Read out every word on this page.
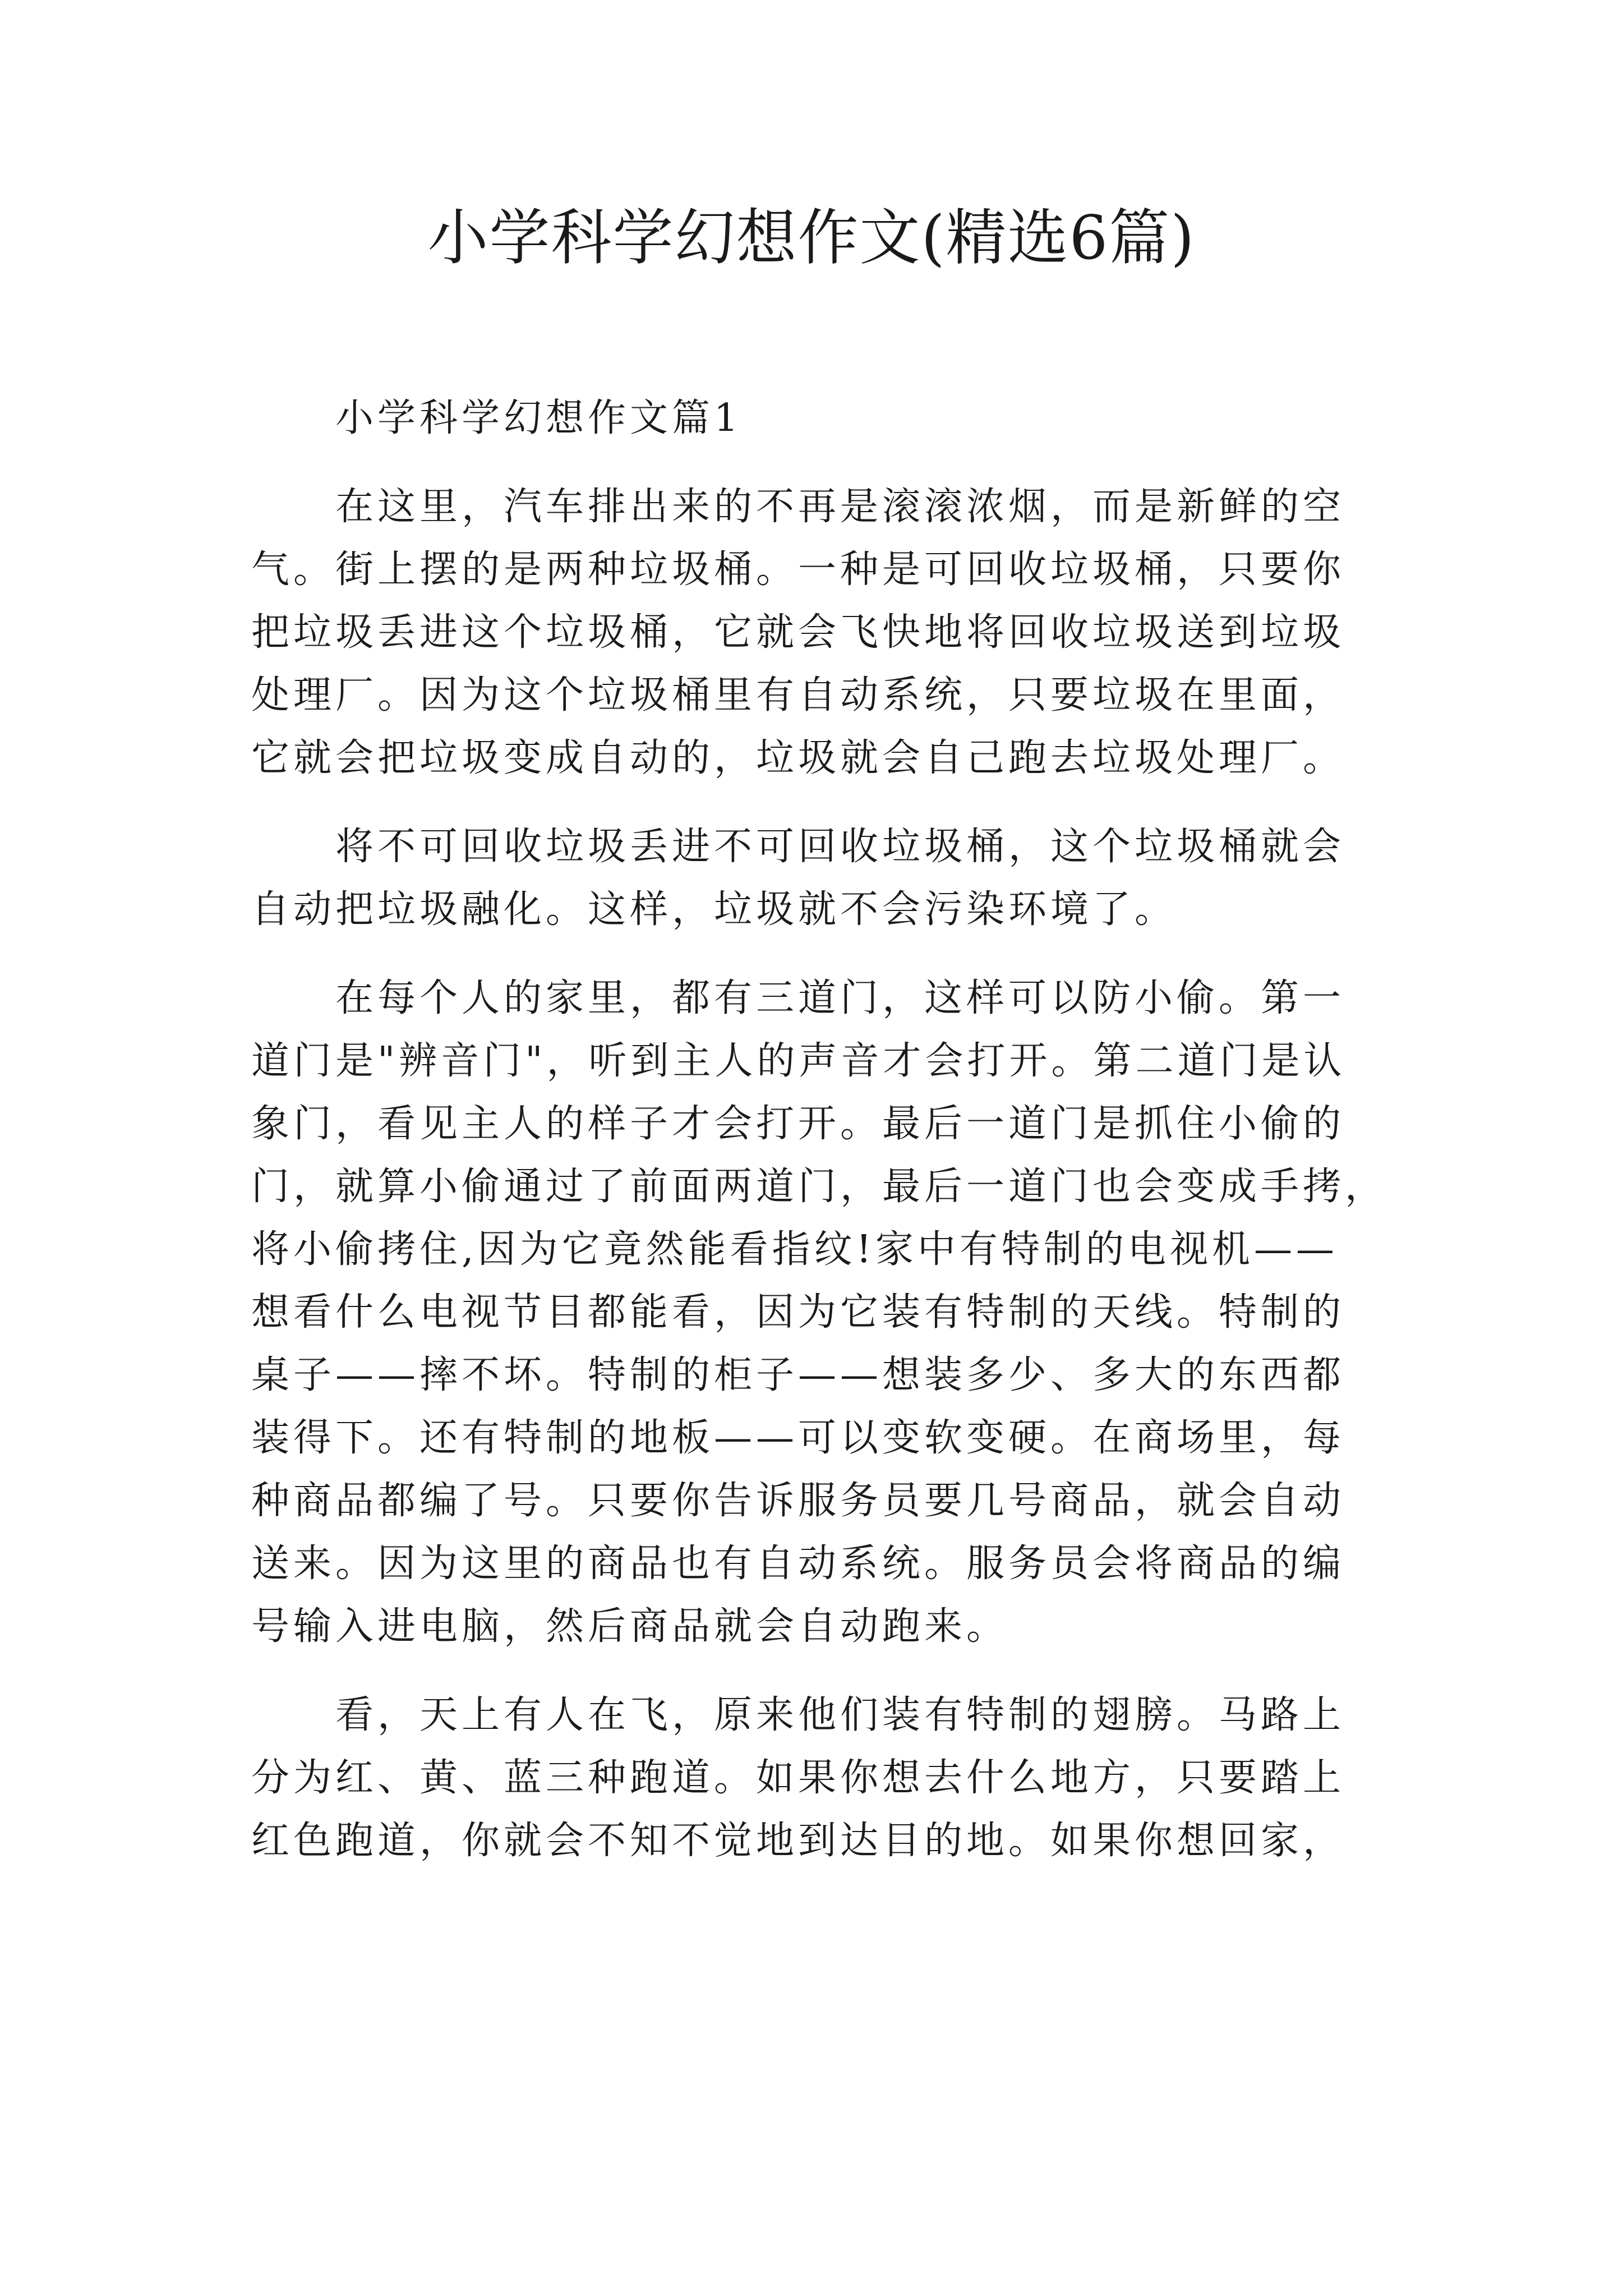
小学科学幻想作文(精选6篇)
小学科学幻想作文篇1
在这里，汽车排出来的不再是滚滚浓烟，而是新鲜的空
气。街上摆的是两种垃圾桶。一种是可回收垃圾桶，只要你
把垃圾丢进这个垃圾桶，它就会飞快地将回收垃圾送到垃圾
处理厂。因为这个垃圾桶里有自动系统，只要垃圾在里面，
它就会把垃圾变成自动的，垃圾就会自己跑去垃圾处理厂。
将不可回收垃圾丢进不可回收垃圾桶，这个垃圾桶就会
自动把垃圾融化。这样，垃圾就不会污染环境了。
在每个人的家里，都有三道门，这样可以防小偷。第一
道门是"辨音门"，听到主人的声音才会打开。第二道门是认
象门，看见主人的样子才会打开。最后一道门是抓住小偷的
门，就算小偷通过了前面两道门，最后一道门也会变成手拷，
将小偷拷住,因为它竟然能看指纹!家中有特制的电视机——
想看什么电视节目都能看，因为它装有特制的天线。特制的
桌子——摔不坏。特制的柜子——想装多少、多大的东西都
装得下。还有特制的地板——可以变软变硬。在商场里，每
种商品都编了号。只要你告诉服务员要几号商品，就会自动
送来。因为这里的商品也有自动系统。服务员会将商品的编
号输入进电脑，然后商品就会自动跑来。
看，天上有人在飞，原来他们装有特制的翅膀。马路上
分为红、黄、蓝三种跑道。如果你想去什么地方，只要踏上
红色跑道，你就会不知不觉地到达目的地。如果你想回家，
